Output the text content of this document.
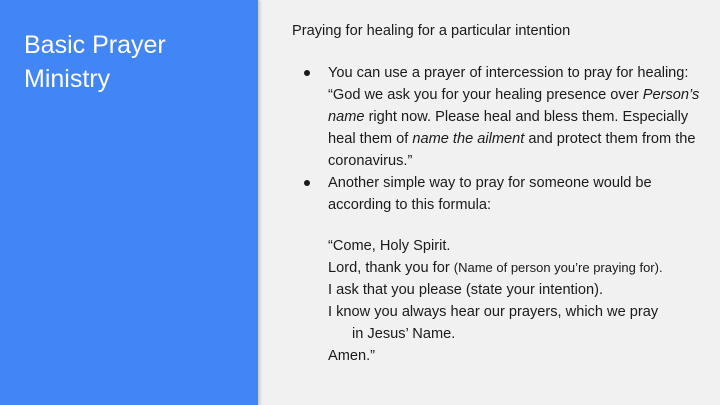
Basic Prayer
Ministry
Praying for healing for a particular intention
You can use a prayer of intercession to pray for healing: “God we ask you for your healing presence over Person’s name right now. Please heal and bless them. Especially heal them of name the ailment and protect them from the coronavirus.”
Another simple way to pray for someone would be according to this formula:
“Come, Holy Spirit.
Lord, thank you for (Name of person you’re praying for).
I ask that you please (state your intention).
I know you always hear our prayers, which we pray
in Jesus’ Name.
Amen.”
